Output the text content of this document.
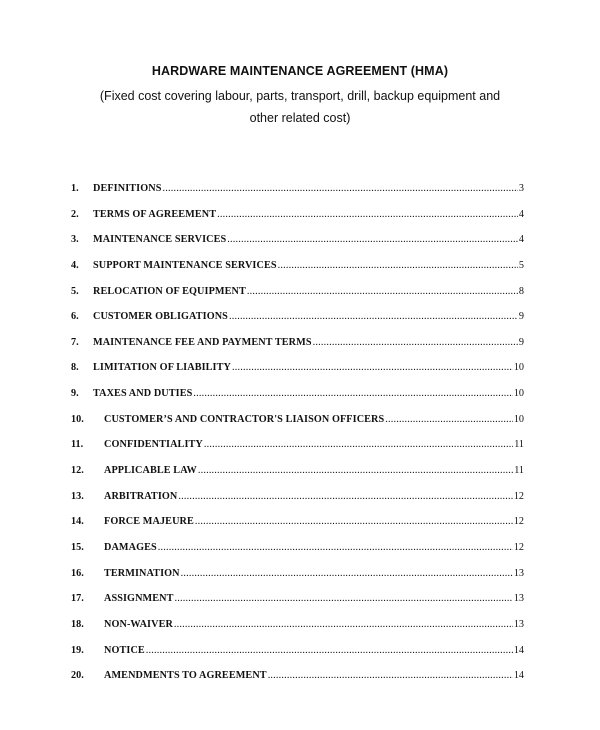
HARDWARE MAINTENANCE AGREEMENT (HMA)
(Fixed cost covering labour, parts, transport, drill, backup equipment and
other related cost)
1.	DEFINITIONS .....	3
2.	TERMS OF AGREEMENT .....	4
3.	MAINTENANCE SERVICES .....	4
4.	SUPPORT MAINTENANCE SERVICES .....	5
5.	RELOCATION OF EQUIPMENT .....	8
6.	CUSTOMER OBLIGATIONS .....	9
7.	MAINTENANCE FEE AND PAYMENT TERMS .....	9
8.	LIMITATION OF LIABILITY .....	10
9.	TAXES AND DUTIES .....	10
10.	CUSTOMER’S AND CONTRACTOR'S LIAISON OFFICERS .....	10
11.	CONFIDENTIALITY .....	11
12.	APPLICABLE LAW .....	11
13.	ARBITRATION .....	12
14.	FORCE MAJEURE .....	12
15.	DAMAGES .....	12
16.	TERMINATION .....	13
17.	ASSIGNMENT .....	13
18.	NON-WAIVER .....	13
19.	NOTICE .....	14
20.	AMENDMENTS TO AGREEMENT .....	14
